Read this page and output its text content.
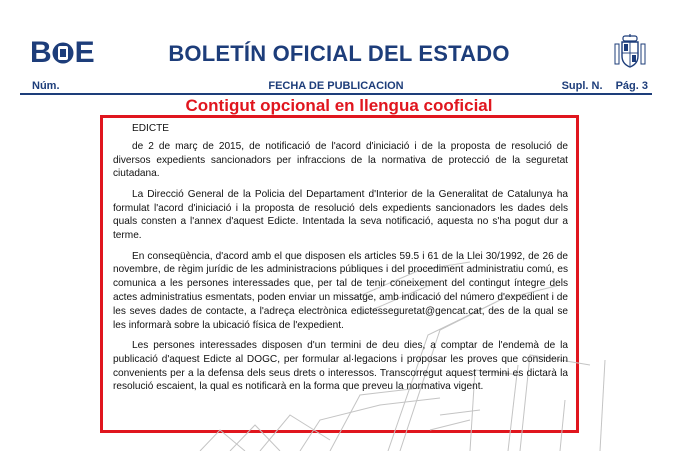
B E	BOLETÍN OFICIAL DEL ESTADO
Núm.	FECHA DE PUBLICACION	Supl. N. Pág. 3
Contigut opcional en llengua cooficial
EDICTE

de 2 de març de 2015, de notificació de l'acord d'iniciació i de la proposta de resolució de diversos expedients sancionadors per infraccions de la normativa de protecció de la seguretat ciutadana.

La Direcció General de la Policia del Departament d'Interior de la Generalitat de Catalunya ha formulat l'acord d'iniciació i la proposta de resolució dels expedients sancionadors les dades dels quals consten a l'annex d'aquest Edicte. Intentada la seva notificació, aquesta no s'ha pogut dur a terme.

En conseqüència, d'acord amb el que disposen els articles 59.5 i 61 de la Llei 30/1992, de 26 de novembre, de règim jurídic de les administracions públiques i del procediment administratiu comú, es comunica a les persones interessades que, per tal de tenir coneixement del contingut íntegre dels actes administratius esmentats, poden enviar un missatge, amb indicació del número d'expedient i de les seves dades de contacte, a l'adreça electrònica edictesseguretat@gencat.cat, des de la qual se les informarà sobre la ubicació física de l'expedient.

Les persones interessades disposen d'un termini de deu dies, a comptar de l'endemà de la publicació d'aquest Edicte al DOGC, per formular al·legacions i proposar les proves que considerin convenients per a la defensa dels seus drets o interessos. Transcorregut aquest termini es dictarà la resolució escaient, la qual es notificarà en la forma que preveu la normativa vigent.
